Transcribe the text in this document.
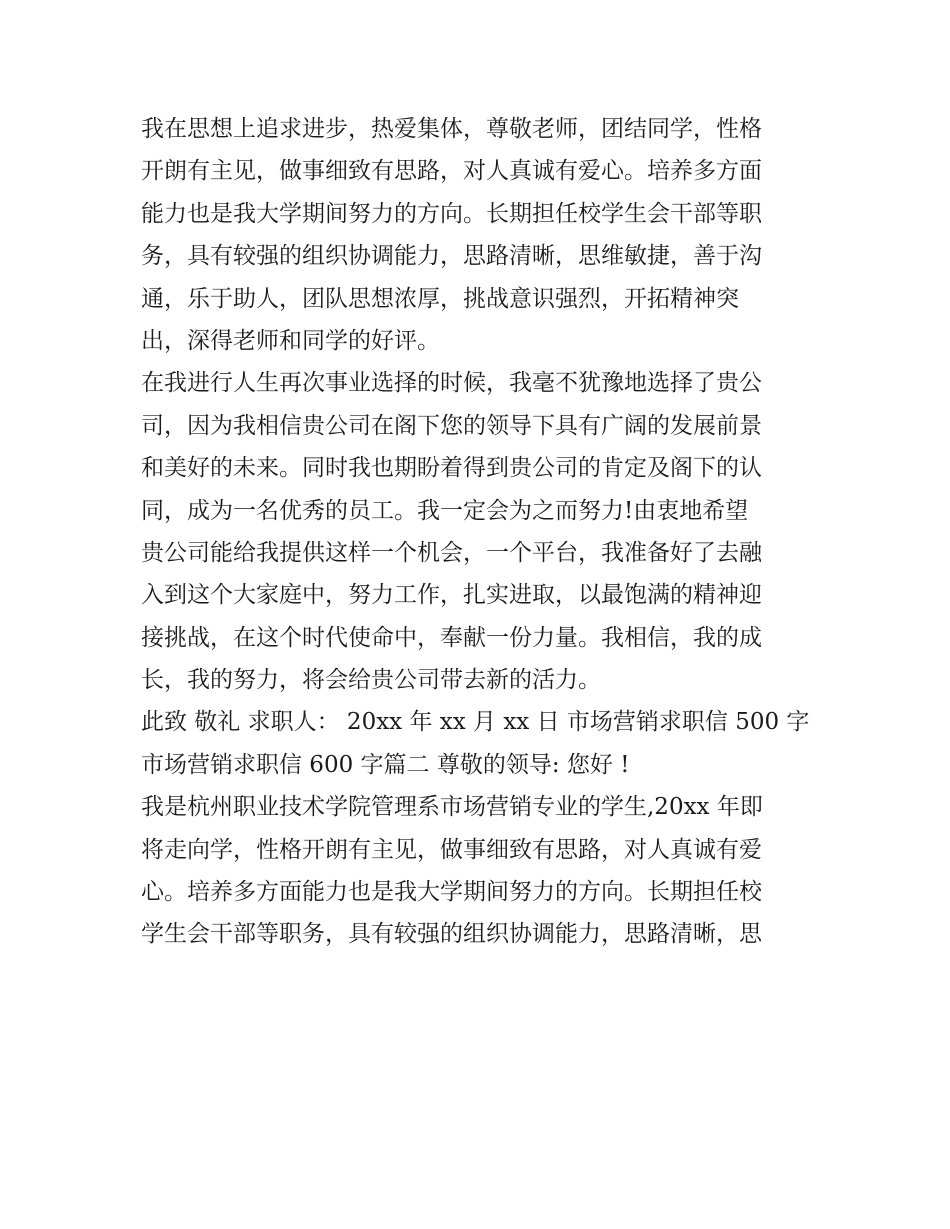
我在思想上追求进步，热爱集体，尊敬老师，团结同学，性格
开朗有主见，做事细致有思路，对人真诚有爱心。培养多方面
能力也是我大学期间努力的方向。长期担任校学生会干部等职
务，具有较强的组织协调能力，思路清晰，思维敏捷，善于沟
通，乐于助人，团队思想浓厚，挑战意识强烈，开拓精神突
出，深得老师和同学的好评。
在我进行人生再次事业选择的时候，我毫不犹豫地选择了贵公
司，因为我相信贵公司在阁下您的领导下具有广阔的发展前景
和美好的未来。同时我也期盼着得到贵公司的肯定及阁下的认
同，成为一名优秀的员工。我一定会为之而努力!由衷地希望
贵公司能给我提供这样一个机会，一个平台，我准备好了去融
入到这个大家庭中，努力工作，扎实进取，以最饱满的精神迎
接挑战，在这个时代使命中，奉献一份力量。我相信，我的成
长，我的努力，将会给贵公司带去新的活力。
此致 敬礼 求职人： 20xx 年 xx 月 xx 日 市场营销求职信 500 字
市场营销求职信 600 字篇二 尊敬的领导: 您好 !
我是杭州职业技术学院管理系市场营销专业的学生,20xx 年即
将走向学，性格开朗有主见，做事细致有思路，对人真诚有爱
心。培养多方面能力也是我大学期间努力的方向。长期担任校
学生会干部等职务，具有较强的组织协调能力，思路清晰，思
